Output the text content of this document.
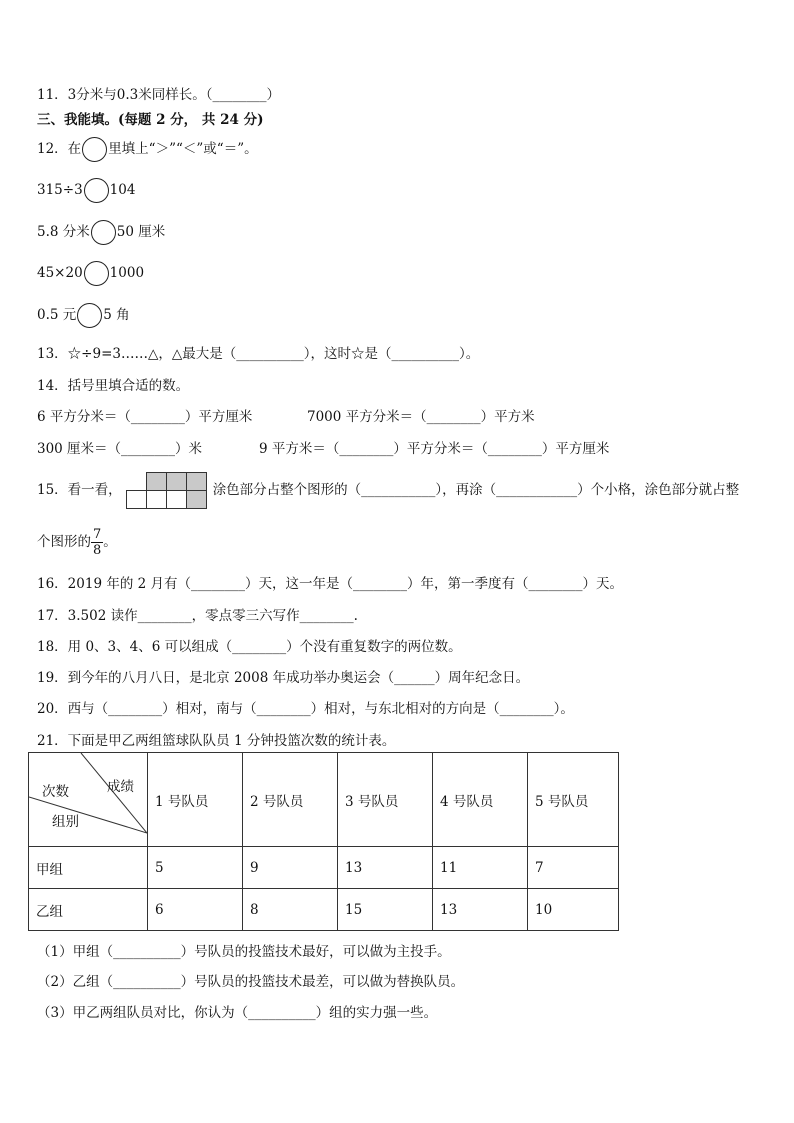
11．3分米与0.3米同样长。（________）
三、我能填。(每题 2 分， 共 24 分)
12．在 里填上“＞”“＜”或“＝”。
315÷3 104
5.8 分米 50 厘米
45×20 1000
0.5 元 5 角
13．☆÷9=3……△，△最大是（__________），这时☆是（__________）。
14．括号里填合适的数。
6 平方分米＝（________）平方厘米	7000 平方分米＝（________）平方米
300 厘米＝（________）米	9 平方米＝（________）平方分米＝（________）平方厘米
15．看一看，			
				涂色部分占整个图形的（___________），再涂（____________）个小格，涂色部分就占整
个图形的 $\frac{7}{8}$ 。
16．2019 年的 2 月有（________）天，这一年是（________）年，第一季度有（________）天。
17．3.502 读作________，零点零三六写作________.
18．用 0、3、4、6 可以组成（________）个没有重复数字的两位数。
19．到今年的八月八日，是北京 2008 年成功举办奥运会（______）周年纪念日。
20．西与（________）相对，南与（________）相对，与东北相对的方向是（________）。
21．下面是甲乙两组篮球队队员 1 分钟投篮次数的统计表。
成绩
次数
组别	1 号队员	2 号队员	3 号队员	4 号队员	5 号队员
甲组	5	9	13	11	7
乙组	6	8	15	13	10
（1）甲组（__________）号队员的投篮技术最好，可以做为主投手。
（2）乙组（__________）号队员的投篮技术最差，可以做为替换队员。
（3）甲乙两组队员对比，你认为（__________）组的实力强一些。
